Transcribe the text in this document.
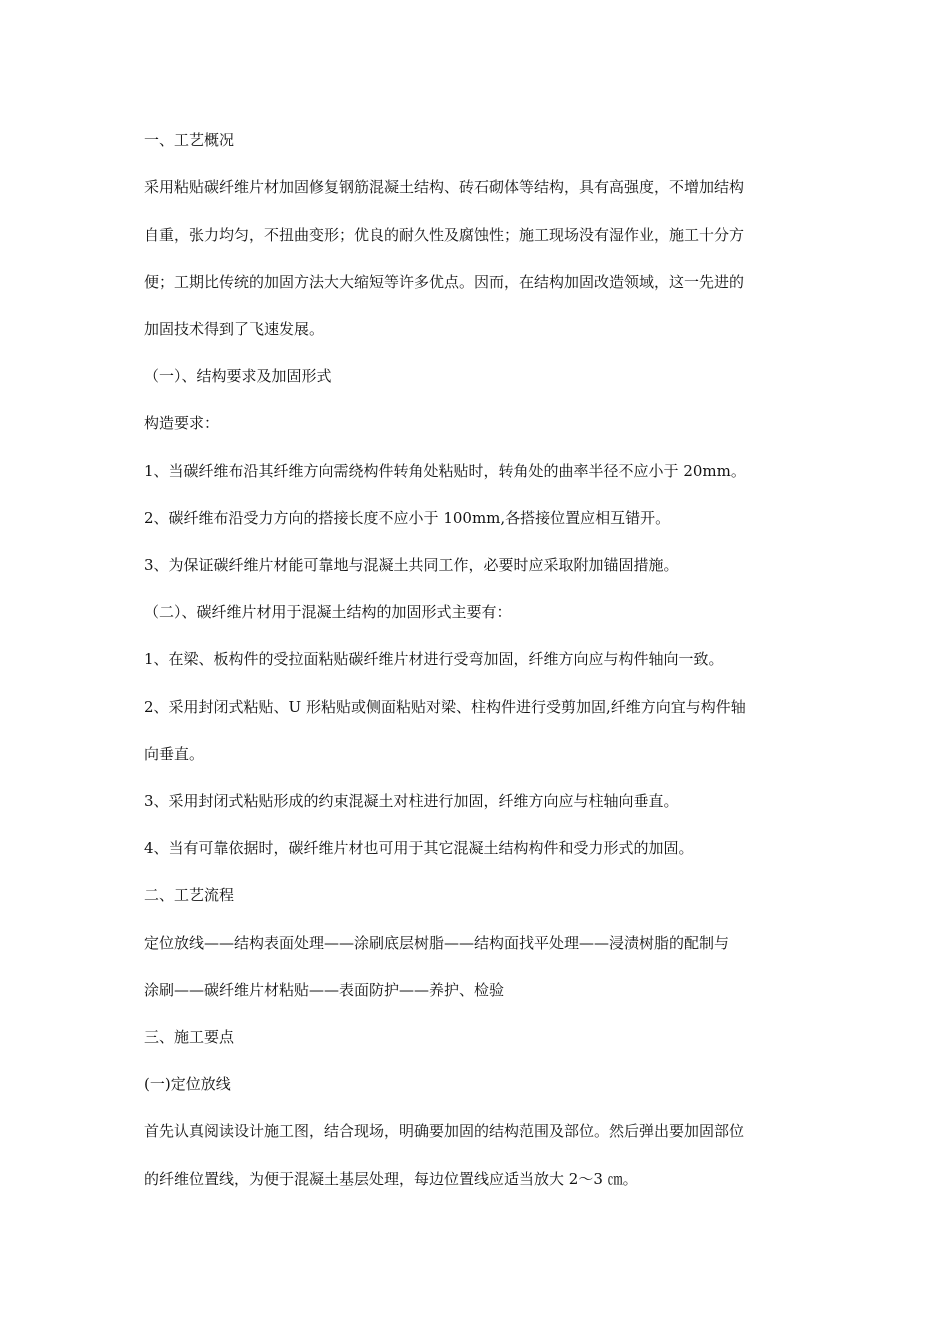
一、工艺概况
采用粘贴碳纤维片材加固修复钢筋混凝土结构、砖石砌体等结构，具有高强度，不增加结构
自重，张力均匀，不扭曲变形；优良的耐久性及腐蚀性；施工现场没有湿作业，施工十分方
便；工期比传统的加固方法大大缩短等许多优点。因而，在结构加固改造领域，这一先进的
加固技术得到了飞速发展。
（一）、结构要求及加固形式
构造要求：
1、当碳纤维布沿其纤维方向需绕构件转角处粘贴时，转角处的曲率半径不应小于 20mm。
2、碳纤维布沿受力方向的搭接长度不应小于 100mm,各搭接位置应相互错开。
3、为保证碳纤维片材能可靠地与混凝土共同工作，必要时应采取附加锚固措施。
（二）、碳纤维片材用于混凝土结构的加固形式主要有：
1、在梁、板构件的受拉面粘贴碳纤维片材进行受弯加固，纤维方向应与构件轴向一致。
2、采用封闭式粘贴、U 形粘贴或侧面粘贴对梁、柱构件进行受剪加固,纤维方向宜与构件轴
向垂直。
3、采用封闭式粘贴形成的约束混凝土对柱进行加固，纤维方向应与柱轴向垂直。
4、当有可靠依据时，碳纤维片材也可用于其它混凝土结构构件和受力形式的加固。
二、工艺流程
定位放线——结构表面处理——涂刷底层树脂——结构面找平处理——浸渍树脂的配制与
涂刷——碳纤维片材粘贴——表面防护——养护、检验
三、施工要点
(一)定位放线
首先认真阅读设计施工图，结合现场，明确要加固的结构范围及部位。然后弹出要加固部位
的纤维位置线，为便于混凝土基层处理，每边位置线应适当放大 2～3 ㎝。
